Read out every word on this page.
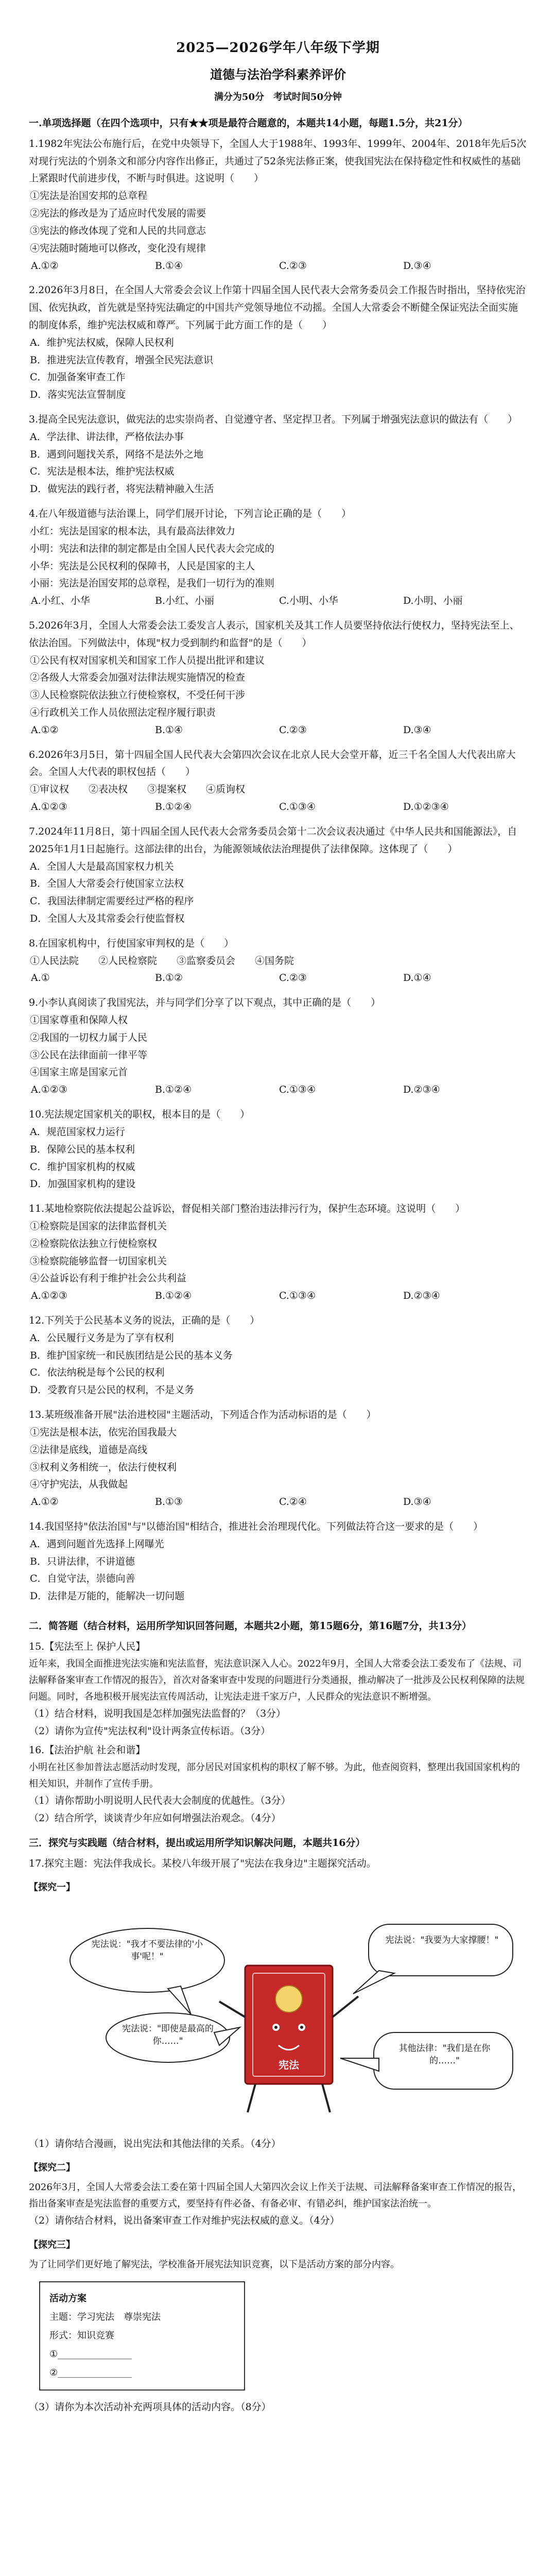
2025—2026学年八年级下学期
道德与法治学科素养评价
满分为50分　考试时间50分钟
一.单项选择题（在四个选项中，只有★★项是最符合题意的，本题共14小题，每题1.5分，共21分）

1.1982年宪法公布施行后，在党中央领导下，全国人大于1988年、1993年、1999年、2004年、2018年先后5次对现行宪法的个别条文和部分内容作出修正，共通过了52条宪法修正案，使我国宪法在保持稳定性和权威性的基础上紧跟时代前进步伐，不断与时俱进。这说明（　　）

①宪法是治国安邦的总章程
②宪法的修改是为了适应时代发展的需要
③宪法的修改体现了党和人民的共同意志
④宪法随时随地可以修改，变化没有规律
A.①②	B.①④	C.②③	D.③④

2.2026年3月8日，在全国人大常委会会议上作第十四届全国人民代表大会常务委员会工作报告时指出，坚持依宪治国、依宪执政，首先就是坚持宪法确定的中国共产党领导地位不动摇。全国人大常委会不断健全保证宪法全面实施的制度体系，维护宪法权威和尊严。下列属于此方面工作的是（　　）

A．维护宪法权威，保障人民权利
B．推进宪法宣传教育，增强全民宪法意识
C．加强备案审查工作
D．落实宪法宣誓制度

3.提高全民宪法意识，做宪法的忠实崇尚者、自觉遵守者、坚定捍卫者。下列属于增强宪法意识的做法有（　　）

A．学法律、讲法律，严格依法办事
B．遇到问题找关系，网络不是法外之地
C．宪法是根本法，维护宪法权威
D．做宪法的践行者，将宪法精神融入生活

4.在八年级道德与法治课上，同学们展开讨论，下列言论正确的是（　　）

小红：宪法是国家的根本法，具有最高法律效力
小明：宪法和法律的制定都是由全国人民代表大会完成的
小华：宪法是公民权利的保障书，人民是国家的主人
小丽：宪法是治国安邦的总章程，是我们一切行为的准则
A.小红、小华	B.小红、小丽	C.小明、小华	D.小明、小丽

5.2026年3月，全国人大常委会法工委发言人表示，国家机关及其工作人员要坚持依法行使权力，坚持宪法至上、依法治国。下列做法中，体现"权力受到制约和监督"的是（　　）

①公民有权对国家机关和国家工作人员提出批评和建议
②各级人大常委会加强对法律法规实施情况的检查
③人民检察院依法独立行使检察权，不受任何干涉
④行政机关工作人员依照法定程序履行职责
A.①②	B.①④	C.②③	D.③④

6.2026年3月5日，第十四届全国人民代表大会第四次会议在北京人民大会堂开幕，近三千名全国人大代表出席大会。全国人大代表的职权包括（　　）

①审议权　　②表决权　　③提案权　　④质询权
A.①②③	B.①②④	C.①③④	D.①②③④

7.2024年11月8日，第十四届全国人民代表大会常务委员会第十二次会议表决通过《中华人民共和国能源法》，自2025年1月1日起施行。这部法律的出台，为能源领域依法治理提供了法律保障。这体现了（　　）

A．全国人大是最高国家权力机关
B．全国人大常委会行使国家立法权
C．我国法律制定需要经过严格的程序
D．全国人大及其常委会行使监督权

8.在国家机构中，行使国家审判权的是（　　）

①人民法院　　②人民检察院　　③监察委员会　　④国务院
A.①	B.①②	C.②③	D.①④

9.小李认真阅读了我国宪法，并与同学们分享了以下观点，其中正确的是（　　）

①国家尊重和保障人权
②我国的一切权力属于人民
③公民在法律面前一律平等
④国家主席是国家元首
A.①②③	B.①②④	C.①③④	D.②③④

10.宪法规定国家机关的职权，根本目的是（　　）

A．规范国家权力运行
B．保障公民的基本权利
C．维护国家机构的权威
D．加强国家机构的建设

11.某地检察院依法提起公益诉讼，督促相关部门整治违法排污行为，保护生态环境。这说明（　　）

①检察院是国家的法律监督机关
②检察院依法独立行使检察权
③检察院能够监督一切国家机关
④公益诉讼有利于维护社会公共利益
A.①②③	B.①②④	C.①③④	D.②③④

12.下列关于公民基本义务的说法，正确的是（　　）

A．公民履行义务是为了享有权利
B．维护国家统一和民族团结是公民的基本义务
C．依法纳税是每个公民的权利
D．受教育只是公民的权利，不是义务

13.某班级准备开展"法治进校园"主题活动，下列适合作为活动标语的是（　　）

①宪法是根本法，依宪治国我最大
②法律是底线，道德是高线
③权利义务相统一，依法行使权利
④守护宪法，从我做起
A.①②	B.①③	C.②④	D.③④

14.我国坚持"依法治国"与"以德治国"相结合，推进社会治理现代化。下列做法符合这一要求的是（　　）

A．遇到问题首先选择上网曝光
B．只讲法律，不讲道德
C．自觉守法，崇德向善
D．法律是万能的，能解决一切问题
二．简答题（结合材料，运用所学知识回答问题，本题共2小题，第15题6分，第16题7分，共13分）

15.【宪法至上 保护人民】

近年来，我国全面推进宪法实施和宪法监督，宪法意识深入人心。2022年9月，全国人大常委会法工委发布了《法规、司法解释备案审查工作情况的报告》，首次对备案审查中发现的问题进行分类通报，推动解决了一批涉及公民权利保障的法规问题。同时，各地积极开展宪法宣传周活动，让宪法走进千家万户，人民群众的宪法意识不断增强。

（1）结合材料，说明我国是怎样加强宪法监督的？（3分）

（2）请你为宣传"宪法权利"设计两条宣传标语。（3分）

16.【法治护航 社会和谐】

小明在社区参加普法志愿活动时发现，部分居民对国家机构的职权了解不够。为此，他查阅资料，整理出我国国家机构的相关知识，并制作了宣传手册。

（1）请你帮助小明说明人民代表大会制度的优越性。（3分）

（2）结合所学，谈谈青少年应如何增强法治观念。（4分）

三．探究与实践题（结合材料，提出或运用所学知识解决问题，本题共16分）

17.探究主题：宪法伴我成长。某校八年级开展了"宪法在我身边"主题探究活动。

【探究一】
宪法说："我才不要法律的'小事'呢！"
宪法说："即使是最高的你……"
宪法
宪法说："我要为大家撑腰！"
其他法律："我们是在你的……"

（1）请你结合漫画，说出宪法和其他法律的关系。（4分）

【探究二】

2026年3月，全国人大常委会法工委在第十四届全国人大第四次会议上作关于法规、司法解释备案审查工作情况的报告，指出备案审查是宪法监督的重要方式，要坚持有件必备、有备必审、有错必纠，维护国家法治统一。

（2）请你结合材料，说出备案审查工作对维护宪法权威的意义。（4分）

【探究三】

为了让同学们更好地了解宪法，学校准备开展宪法知识竞赛，以下是活动方案的部分内容。

活动方案
主题：学习宪法　尊崇宪法
形式：知识竞赛
①________________
②________________

（3）请你为本次活动补充两项具体的活动内容。（8分）
